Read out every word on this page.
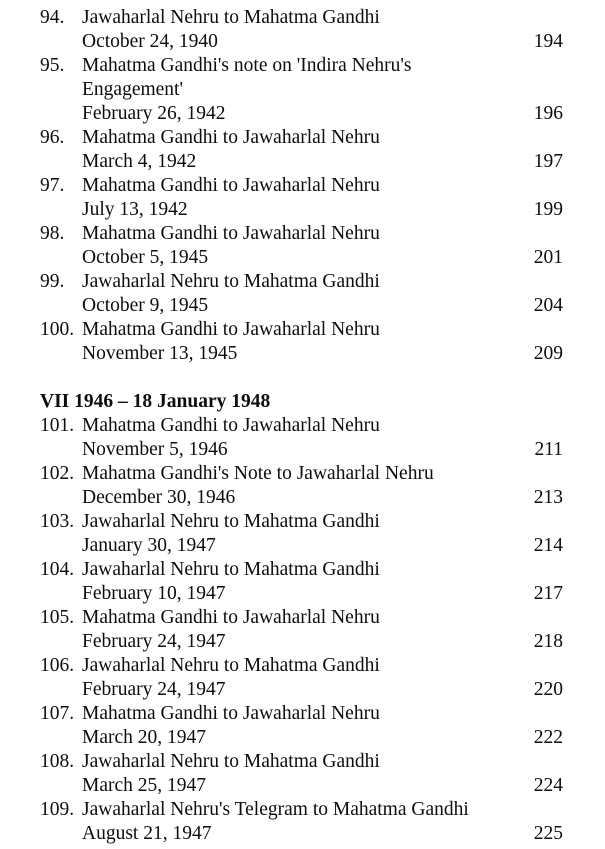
94. Jawaharlal Nehru to Mahatma Gandhi
October 24, 1940	194
95. Mahatma Gandhi's note on 'Indira Nehru's
Engagement'
February 26, 1942	196
96. Mahatma Gandhi to Jawaharlal Nehru
March 4, 1942	197
97. Mahatma Gandhi to Jawaharlal Nehru
July 13, 1942	199
98. Mahatma Gandhi to Jawaharlal Nehru
October 5, 1945	201
99. Jawaharlal Nehru to Mahatma Gandhi
October 9, 1945	204
100. Mahatma Gandhi to Jawaharlal Nehru
November 13, 1945	209
VII 1946 – 18 January 1948
101. Mahatma Gandhi to Jawaharlal Nehru
November 5, 1946	211
102. Mahatma Gandhi's Note to Jawaharlal Nehru
December 30, 1946	213
103. Jawaharlal Nehru to Mahatma Gandhi
January 30, 1947	214
104. Jawaharlal Nehru to Mahatma Gandhi
February 10, 1947	217
105. Mahatma Gandhi to Jawaharlal Nehru
February 24, 1947	218
106. Jawaharlal Nehru to Mahatma Gandhi
February 24, 1947	220
107. Mahatma Gandhi to Jawaharlal Nehru
March 20, 1947	222
108. Jawaharlal Nehru to Mahatma Gandhi
March 25, 1947	224
109. Jawaharlal Nehru's Telegram to Mahatma Gandhi
August 21, 1947	225
